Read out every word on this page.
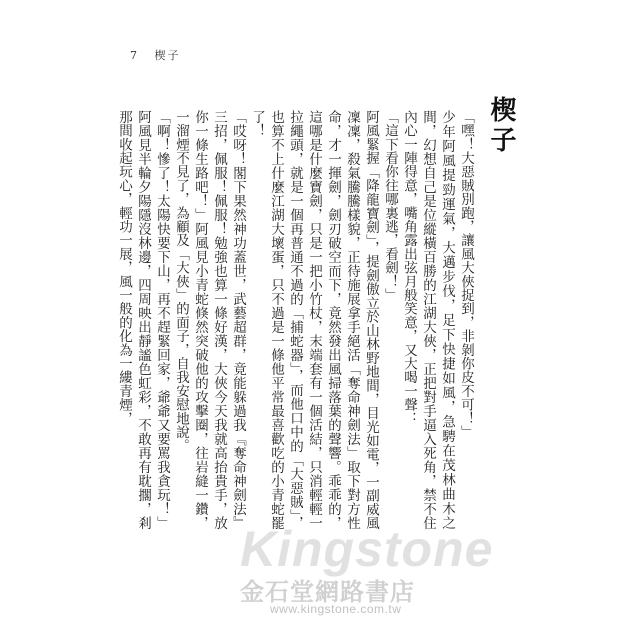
7 楔子
楔子

「嘿！大惡賊別跑，讓風大俠捉到，非剝你皮不可！」

少年阿風提勁運氣，大邁步伐，足下快捷如風，急騁在茂林曲木之間，幻想自己是位縱橫百勝的江湖大俠，正把對手逼入死角，禁不住內心一陣得意，嘴角露出弦月般笑意，又大喝一聲：

「這下看你往哪裏逃，看劍！」

阿風緊握「降龍寶劍」，提劍傲立於山林野地間，目光如電，一副威風凜凜，殺氣騰騰樣貌，正待施展拿手絕活「奪命神劍法」取下對方性命，才一揮劍，劍刃破空而下，竟然發出風掃落葉的聲響。乖乖的，這哪是什麼寶劍，只是一把小竹杖，末端套有一個活結，只消輕輕一拉繩頭，就是一個再普通不過的「捕蛇器」，而他口中的「大惡賊」，也算不上什麼江湖大壞蛋，只不過是一條他平常最喜歡吃的小青蛇罷了！

「哎呀！閣下果然神功蓋世，武藝超群，竟能躲過我『奪命神劍法』三招，佩服！佩服！勉強也算一條好漢，大俠今天我就高抬貴手，放你一條生路吧！」阿風見小青蛇倏然突破他的攻擊圈，往岩縫一鑽，一溜煙不見了，為顧及「大俠」的面子，自我安慰地說。

「啊！慘了！太陽快要下山，再不趕緊回家，爺爺又要罵我貪玩！」阿風見半輪夕陽隱沒林邊，四周映出靜謐色虹彩，不敢再有耽擱，剎那間收起玩心，輕功一展，風一般的化為一縷青煙，

Kingstone
金石堂網路書店
www.kingstone.com.tw
